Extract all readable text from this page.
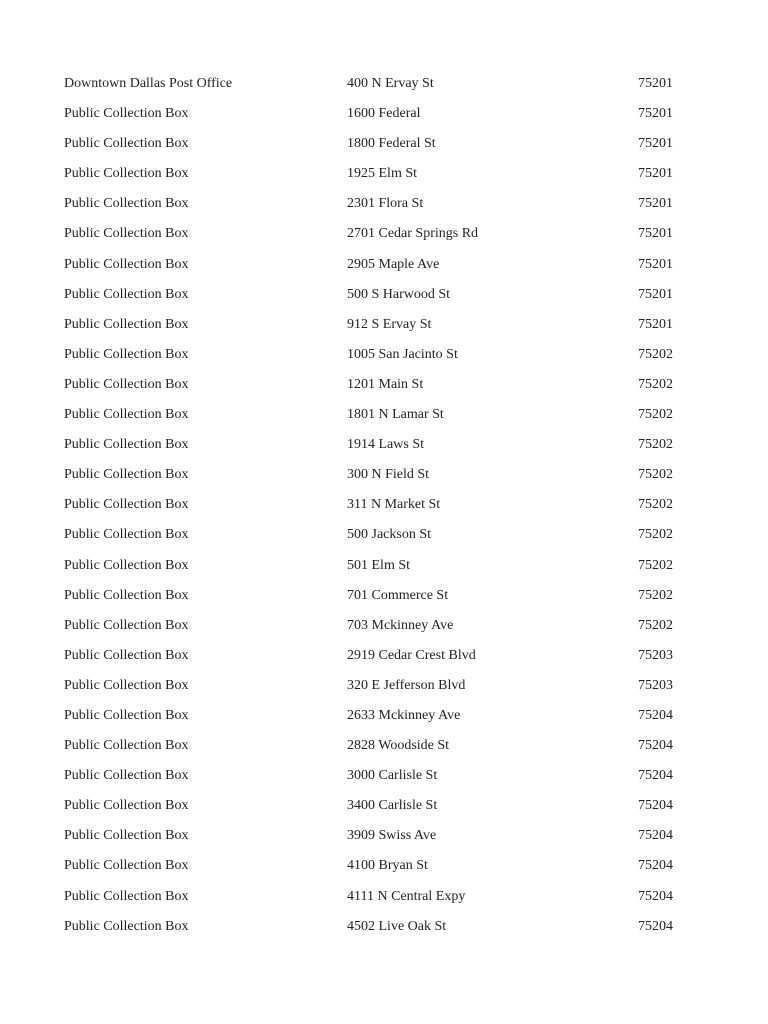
Downtown Dallas Post Office	400 N Ervay St	75201
Public Collection Box	1600 Federal	75201
Public Collection Box	1800 Federal St	75201
Public Collection Box	1925 Elm St	75201
Public Collection Box	2301 Flora St	75201
Public Collection Box	2701 Cedar Springs Rd	75201
Public Collection Box	2905 Maple Ave	75201
Public Collection Box	500 S Harwood St	75201
Public Collection Box	912 S Ervay St	75201
Public Collection Box	1005 San Jacinto St	75202
Public Collection Box	1201 Main St	75202
Public Collection Box	1801 N Lamar St	75202
Public Collection Box	1914 Laws St	75202
Public Collection Box	300 N Field St	75202
Public Collection Box	311 N Market St	75202
Public Collection Box	500 Jackson St	75202
Public Collection Box	501 Elm St	75202
Public Collection Box	701 Commerce St	75202
Public Collection Box	703 Mckinney Ave	75202
Public Collection Box	2919 Cedar Crest Blvd	75203
Public Collection Box	320 E Jefferson Blvd	75203
Public Collection Box	2633 Mckinney Ave	75204
Public Collection Box	2828 Woodside St	75204
Public Collection Box	3000 Carlisle St	75204
Public Collection Box	3400 Carlisle St	75204
Public Collection Box	3909 Swiss Ave	75204
Public Collection Box	4100 Bryan St	75204
Public Collection Box	4111 N Central Expy	75204
Public Collection Box	4502 Live Oak St	75204
